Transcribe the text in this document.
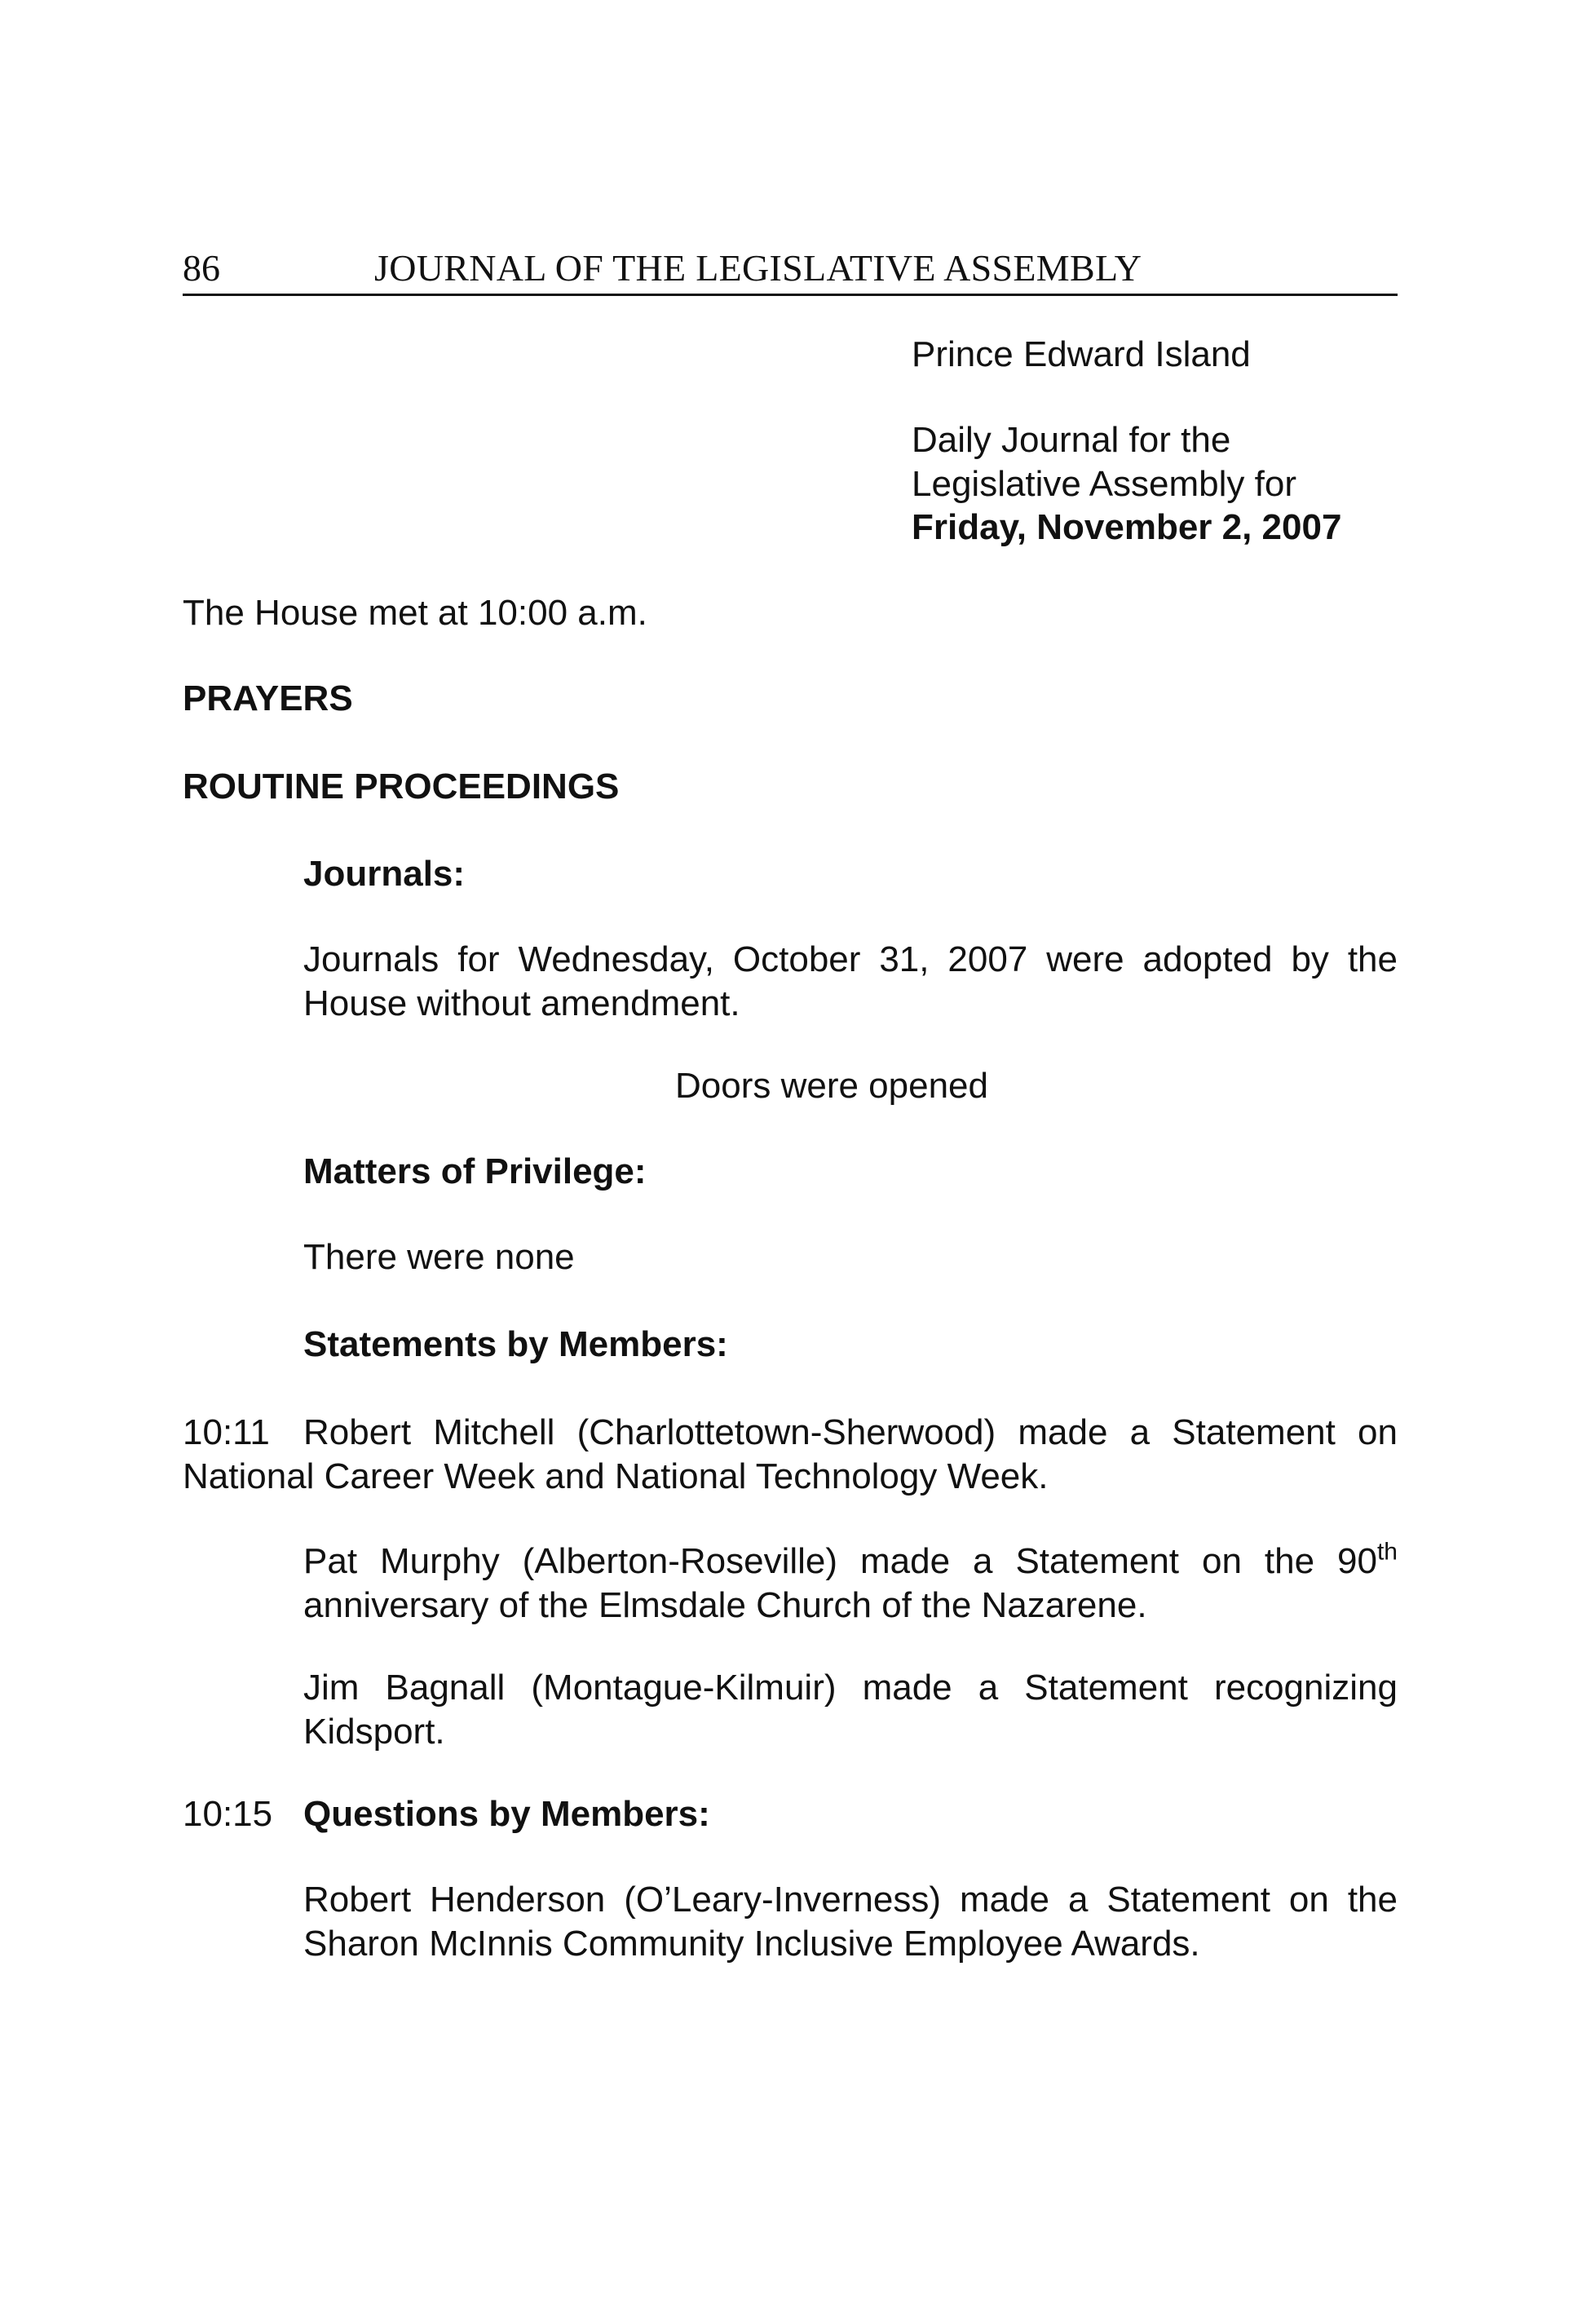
86	JOURNAL OF THE LEGISLATIVE ASSEMBLY

Prince Edward Island

Daily Journal for the

Legislative Assembly for

Friday, November 2, 2007

The House met at 10:00 a.m.

PRAYERS

ROUTINE PROCEEDINGS

Journals:

Journals for Wednesday, October 31, 2007 were adopted by the House without amendment.

Doors were opened

Matters of Privilege:

There were none

Statements by Members:

10:11 Robert Mitchell (Charlottetown-Sherwood) made a Statement on National Career Week and National Technology Week.

Pat Murphy (Alberton-Roseville) made a Statement on the 90th anniversary of the Elmsdale Church of the Nazarene.

Jim Bagnall (Montague-Kilmuir) made a Statement recognizing Kidsport.

10:15 Questions by Members:

Robert Henderson (O’Leary-Inverness) made a Statement on the Sharon McInnis Community Inclusive Employee Awards.
